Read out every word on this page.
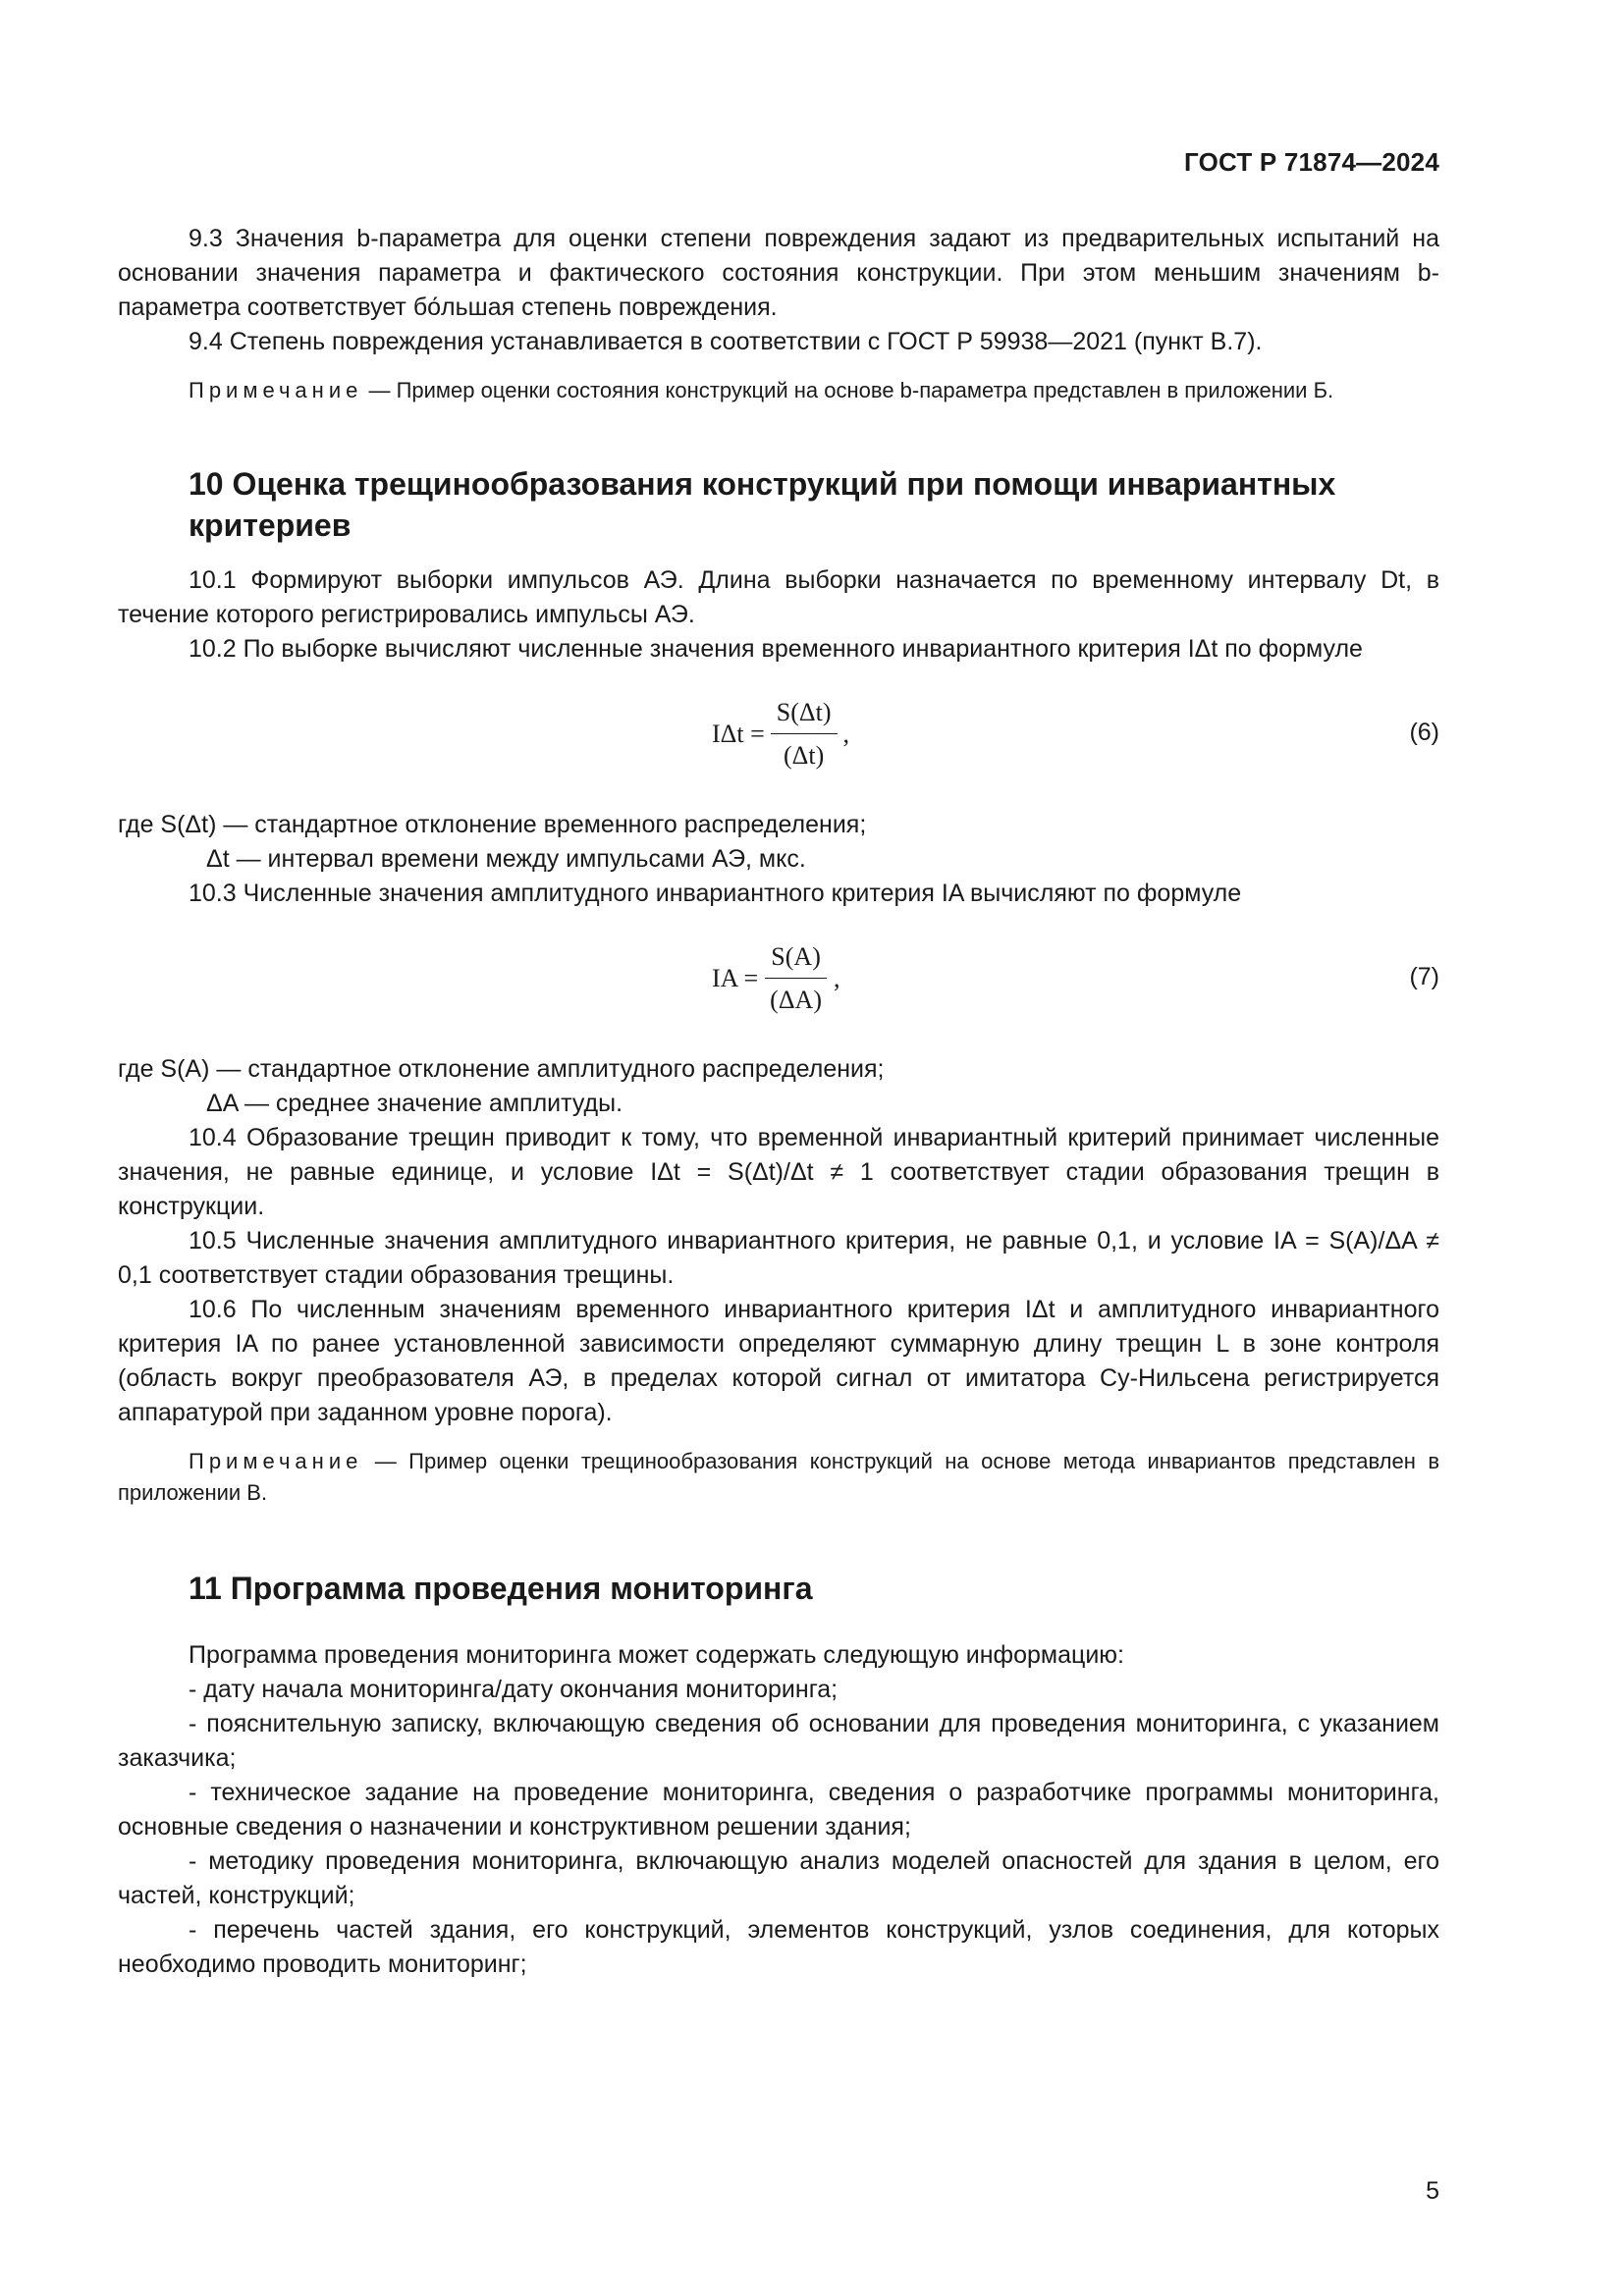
ГОСТ Р 71874—2024

9.3 Значения b-параметра для оценки степени повреждения задают из предварительных испытаний на основании значения параметра и фактического состояния конструкции. При этом меньшим значениям b-параметра соответствует бо́льшая степень повреждения.

9.4 Степень повреждения устанавливается в соответствии с ГОСТ Р 59938—2021 (пункт В.7).

Примечание — Пример оценки состояния конструкций на основе b-параметра представлен в приложении Б.

10 Оценка трещинообразования конструкций при помощи инвариантных критериев

10.1 Формируют выборки импульсов АЭ. Длина выборки назначается по временному интервалу Dt, в течение которого регистрировались импульсы АЭ.

10.2 По выборке вычисляют численные значения временного инвариантного критерия IΔt по формуле

$I\Delta t = \frac{S(\Delta t)}{(\Delta t)}$ ,	(6)

где S(Δt) — стандартное отклонение временного распределения;

Δt — интервал времени между импульсами АЭ, мкс.

10.3 Численные значения амплитудного инвариантного критерия IA вычисляют по формуле

IA = $\frac{S(A)}{(\Delta A)}$ ,	(7)

где S(A) — стандартное отклонение амплитудного распределения;

ΔA — среднее значение амплитуды.

10.4 Образование трещин приводит к тому, что временной инвариантный критерий принимает численные значения, не равные единице, и условие IΔt = S(Δt)/Δt ≠ 1 соответствует стадии образования трещин в конструкции.

10.5 Численные значения амплитудного инвариантного критерия, не равные 0,1, и условие IA = S(A)/ΔA ≠ 0,1 соответствует стадии образования трещины.

10.6 По численным значениям временного инвариантного критерия IΔt и амплитудного инвариантного критерия IA по ранее установленной зависимости определяют суммарную длину трещин L в зоне контроля (область вокруг преобразователя АЭ, в пределах которой сигнал от имитатора Су-Нильсена регистрируется аппаратурой при заданном уровне порога).

Примечание — Пример оценки трещинообразования конструкций на основе метода инвариантов представлен в приложении В.

11 Программа проведения мониторинга

Программа проведения мониторинга может содержать следующую информацию:

- дату начала мониторинга/дату окончания мониторинга;

- пояснительную записку, включающую сведения об основании для проведения мониторинга, с указанием заказчика;

- техническое задание на проведение мониторинга, сведения о разработчике программы мониторинга, основные сведения о назначении и конструктивном решении здания;

- методику проведения мониторинга, включающую анализ моделей опасностей для здания в целом, его частей, конструкций;

- перечень частей здания, его конструкций, элементов конструкций, узлов соединения, для которых необходимо проводить мониторинг;

5
